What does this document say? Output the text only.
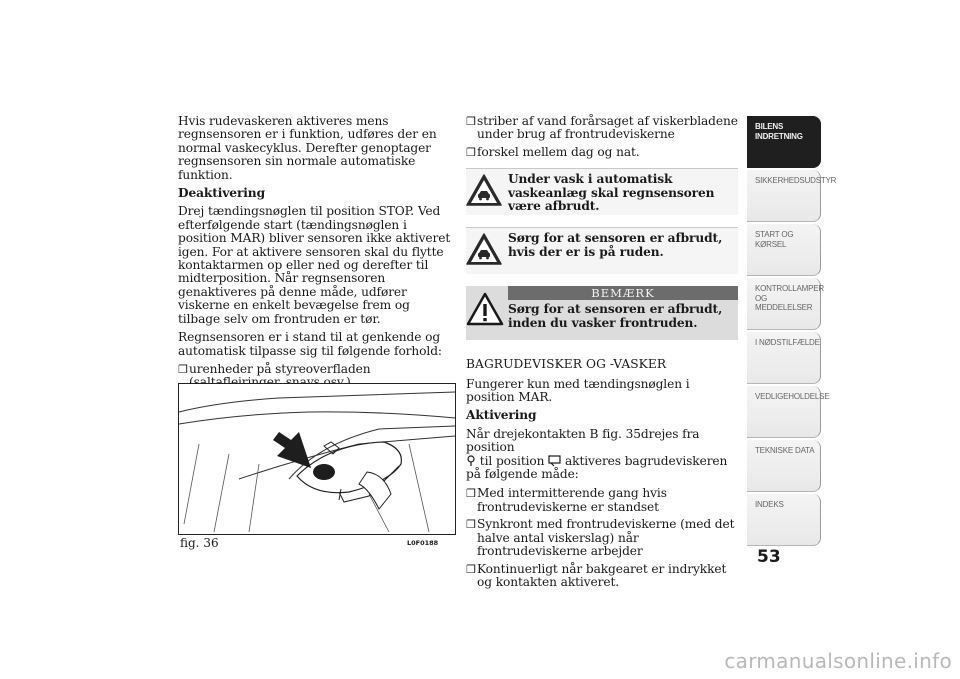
Hvis rudevaskeren aktiveres mens regnsensoren er i funktion, udføres der en normal vaskecyklus. Derefter genoptager regnsensoren sin normale automatiske funktion.

Deaktivering

Drej tændingsnøglen til position STOP. Ved efterfølgende start (tændingsnøglen i position MAR) bliver sensoren ikke aktiveret igen. For at aktivere sensoren skal du flytte kontaktarmen op eller ned og derefter til midterposition. Når regnsensoren genaktiveres på denne måde, udfører viskerne en enkelt bevægelse frem og tilbage selv om frontruden er tør.

Regnsensoren er i stand til at genkende og automatisk tilpasse sig til følgende forhold:

❒ urenheder på styreoverfladen
❒ striber af vand forårsaget af viskerbladene under brug af frontrudeviskerne
❒ forskel mellem dag og nat.
Under vask i automatisk vaskeanlæg skal regnsensoren være afbrudt.
Sørg for at sensoren er afbrudt, hvis der er is på ruden.
BEMÆRK
Sørg for at sensoren er afbrudt, inden du vasker frontruden.
BAGRUDEVISKER OG -VASKER

Fungerer kun med tændingsnøglen i position MAR.

Aktivering

Når drejekontakten B fig. 35drejes fra position
til position aktiveres bagrudeviskeren på følgende måde:

❒ Med intermitterende gang hvis frontrudeviskerne er standset
❒ Synkront med frontrudeviskerne (med det halve antal viskerslag) når frontrudeviskerne arbejder
❒ Kontinuerligt når bakgearet er indrykket og kontakten aktiveret.
fig. 36	L0F0188
BILENS INDRETNING
SIKKERHEDSUDSTYR
START OG KØRSEL
KONTROLLAMPER OG MEDDELELSER
I NØDSTILFÆLDE
VEDLIGEHOLDELSE
TEKNISKE DATA
INDEKS
53
carmanualsonline.info
